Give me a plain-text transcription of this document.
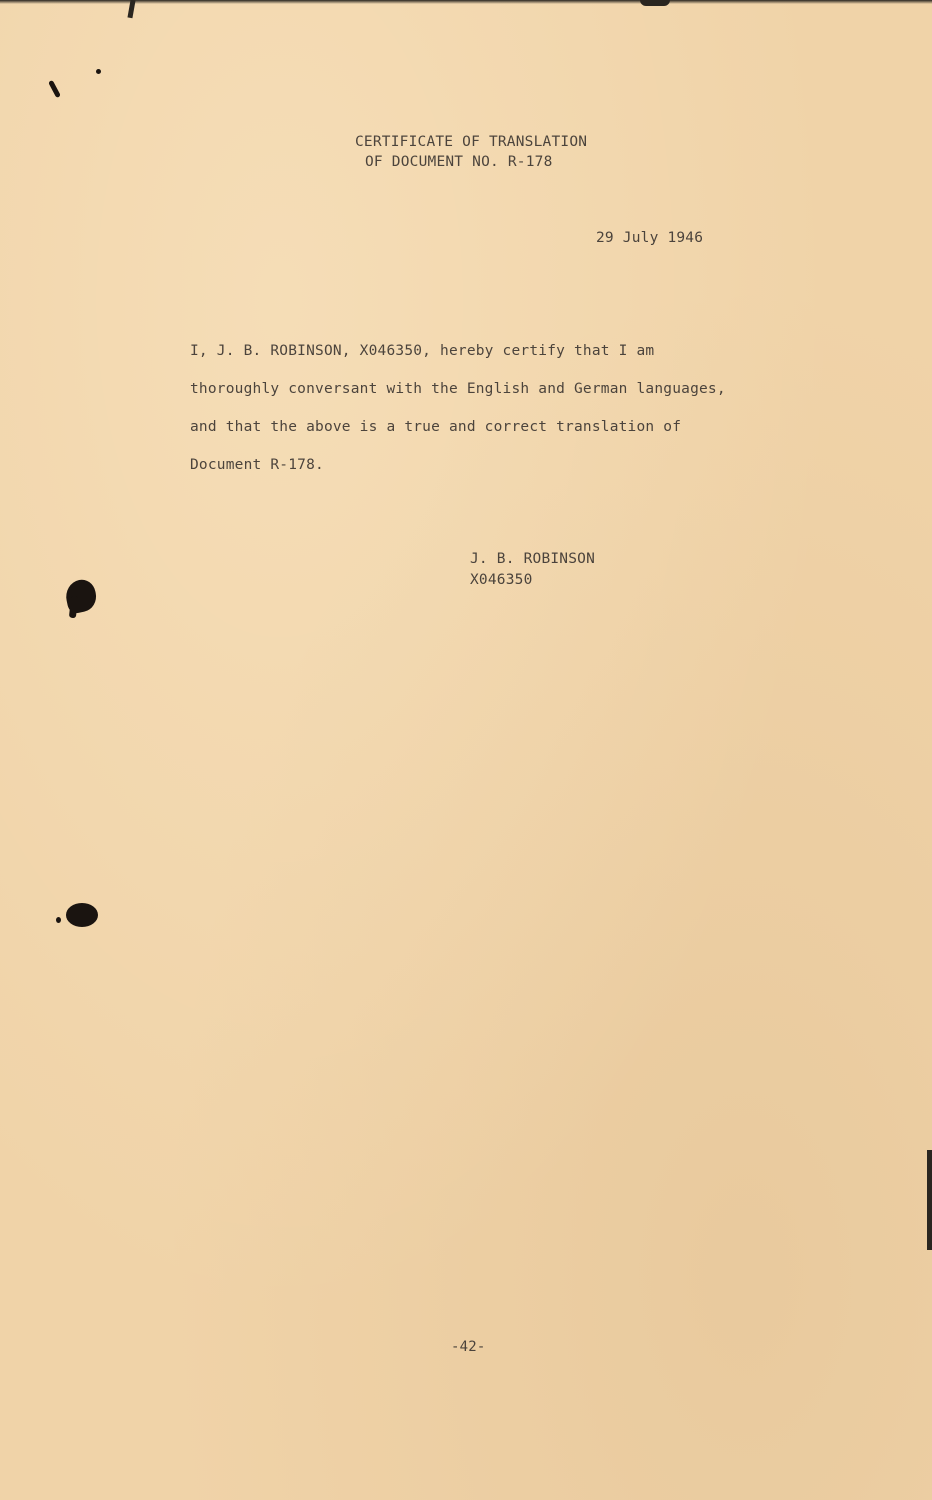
CERTIFICATE OF TRANSLATION
OF DOCUMENT NO. R-178
29 July 1946
I, J. B. ROBINSON, X046350, hereby certify that I am
thoroughly conversant with the English and German languages,
and that the above is a true and correct translation of
Document R-178.
J. B. ROBINSON
X046350
-42-
